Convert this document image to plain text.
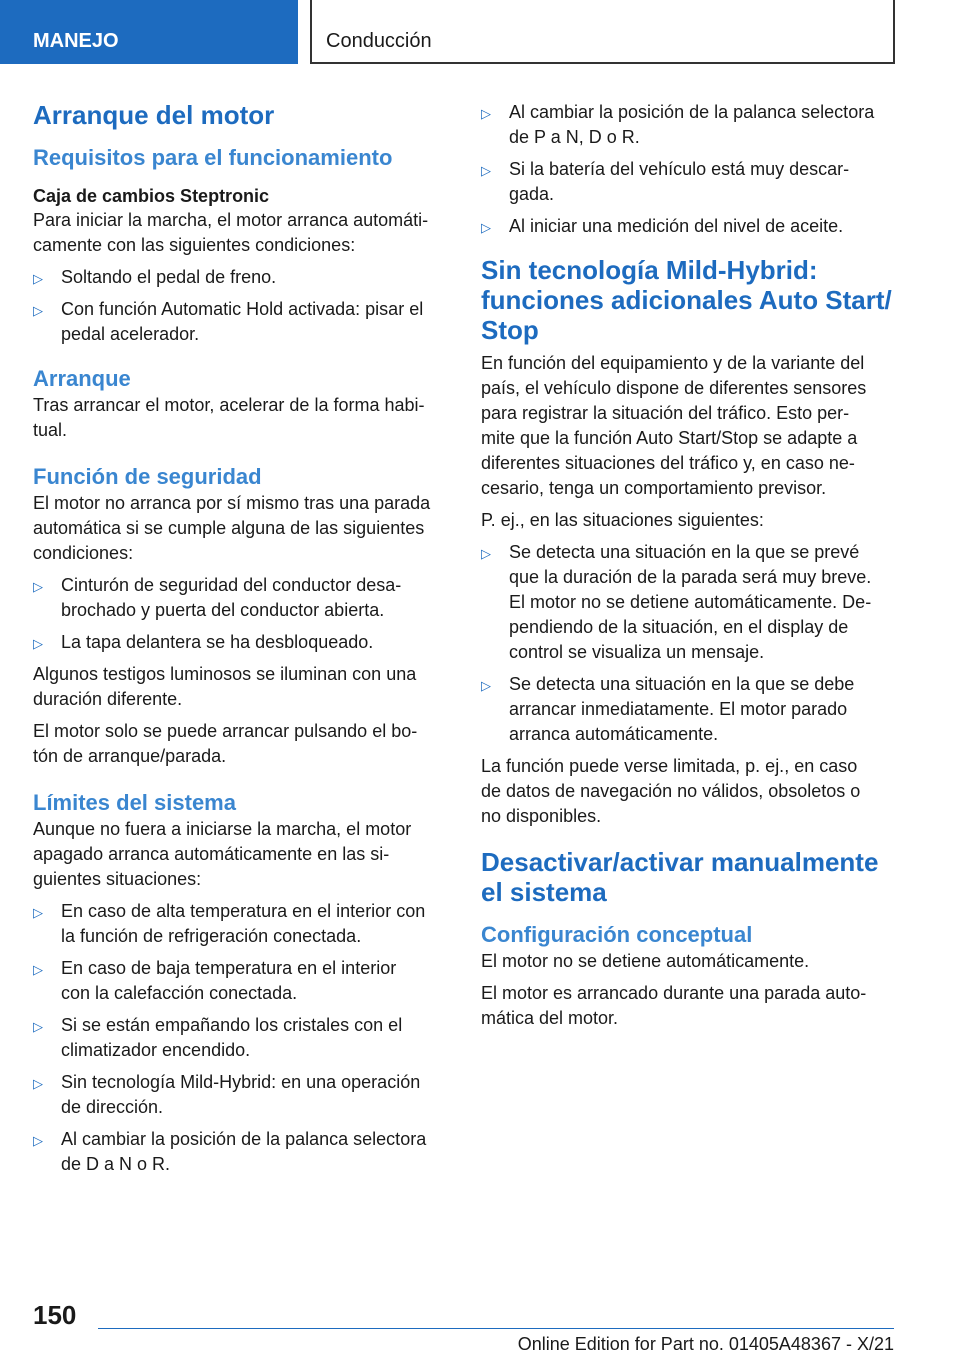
MANEJO	Conducción
Arranque del motor
Requisitos para el funcionamiento
Caja de cambios Steptronic
Para iniciar la marcha, el motor arranca automáti-
camente con las siguientes condiciones:
▷ Soltando el pedal de freno.
▷ Con función Automatic Hold activada: pisar el
pedal acelerador.
Arranque
Tras arrancar el motor, acelerar de la forma habi-
tual.
Función de seguridad
El motor no arranca por sí mismo tras una parada
automática si se cumple alguna de las siguientes
condiciones:
▷ Cinturón de seguridad del conductor desa-
brochado y puerta del conductor abierta.
▷ La tapa delantera se ha desbloqueado.
Algunos testigos luminosos se iluminan con una
duración diferente.
El motor solo se puede arrancar pulsando el bo-
tón de arranque/parada.
Límites del sistema
Aunque no fuera a iniciarse la marcha, el motor
apagado arranca automáticamente en las si-
guientes situaciones:
▷ En caso de alta temperatura en el interior con
la función de refrigeración conectada.
▷ En caso de baja temperatura en el interior
con la calefacción conectada.
▷ Si se están empañando los cristales con el
climatizador encendido.
▷ Sin tecnología Mild-Hybrid: en una operación
de dirección.
▷ Al cambiar la posición de la palanca selectora
de D a N o R.
▷ Al cambiar la posición de la palanca selectora
de P a N, D o R.
▷ Si la batería del vehículo está muy descar-
gada.
▷ Al iniciar una medición del nivel de aceite.
Sin tecnología Mild-Hybrid:
funciones adicionales Auto Start/
Stop
En función del equipamiento y de la variante del
país, el vehículo dispone de diferentes sensores
para registrar la situación del tráfico. Esto per-
mite que la función Auto Start/Stop se adapte a
diferentes situaciones del tráfico y, en caso ne-
cesario, tenga un comportamiento previsor.
P. ej., en las situaciones siguientes:
▷ Se detecta una situación en la que se prevé
que la duración de la parada será muy breve.
El motor no se detiene automáticamente. De-
pendiendo de la situación, en el display de
control se visualiza un mensaje.
▷ Se detecta una situación en la que se debe
arrancar inmediatamente. El motor parado
arranca automáticamente.
La función puede verse limitada, p. ej., en caso
de datos de navegación no válidos, obsoletos o
no disponibles.
Desactivar/activar manualmente
el sistema
Configuración conceptual
El motor no se detiene automáticamente.
El motor es arrancado durante una parada auto-
mática del motor.
150
Online Edition for Part no. 01405A48367 - X/21
